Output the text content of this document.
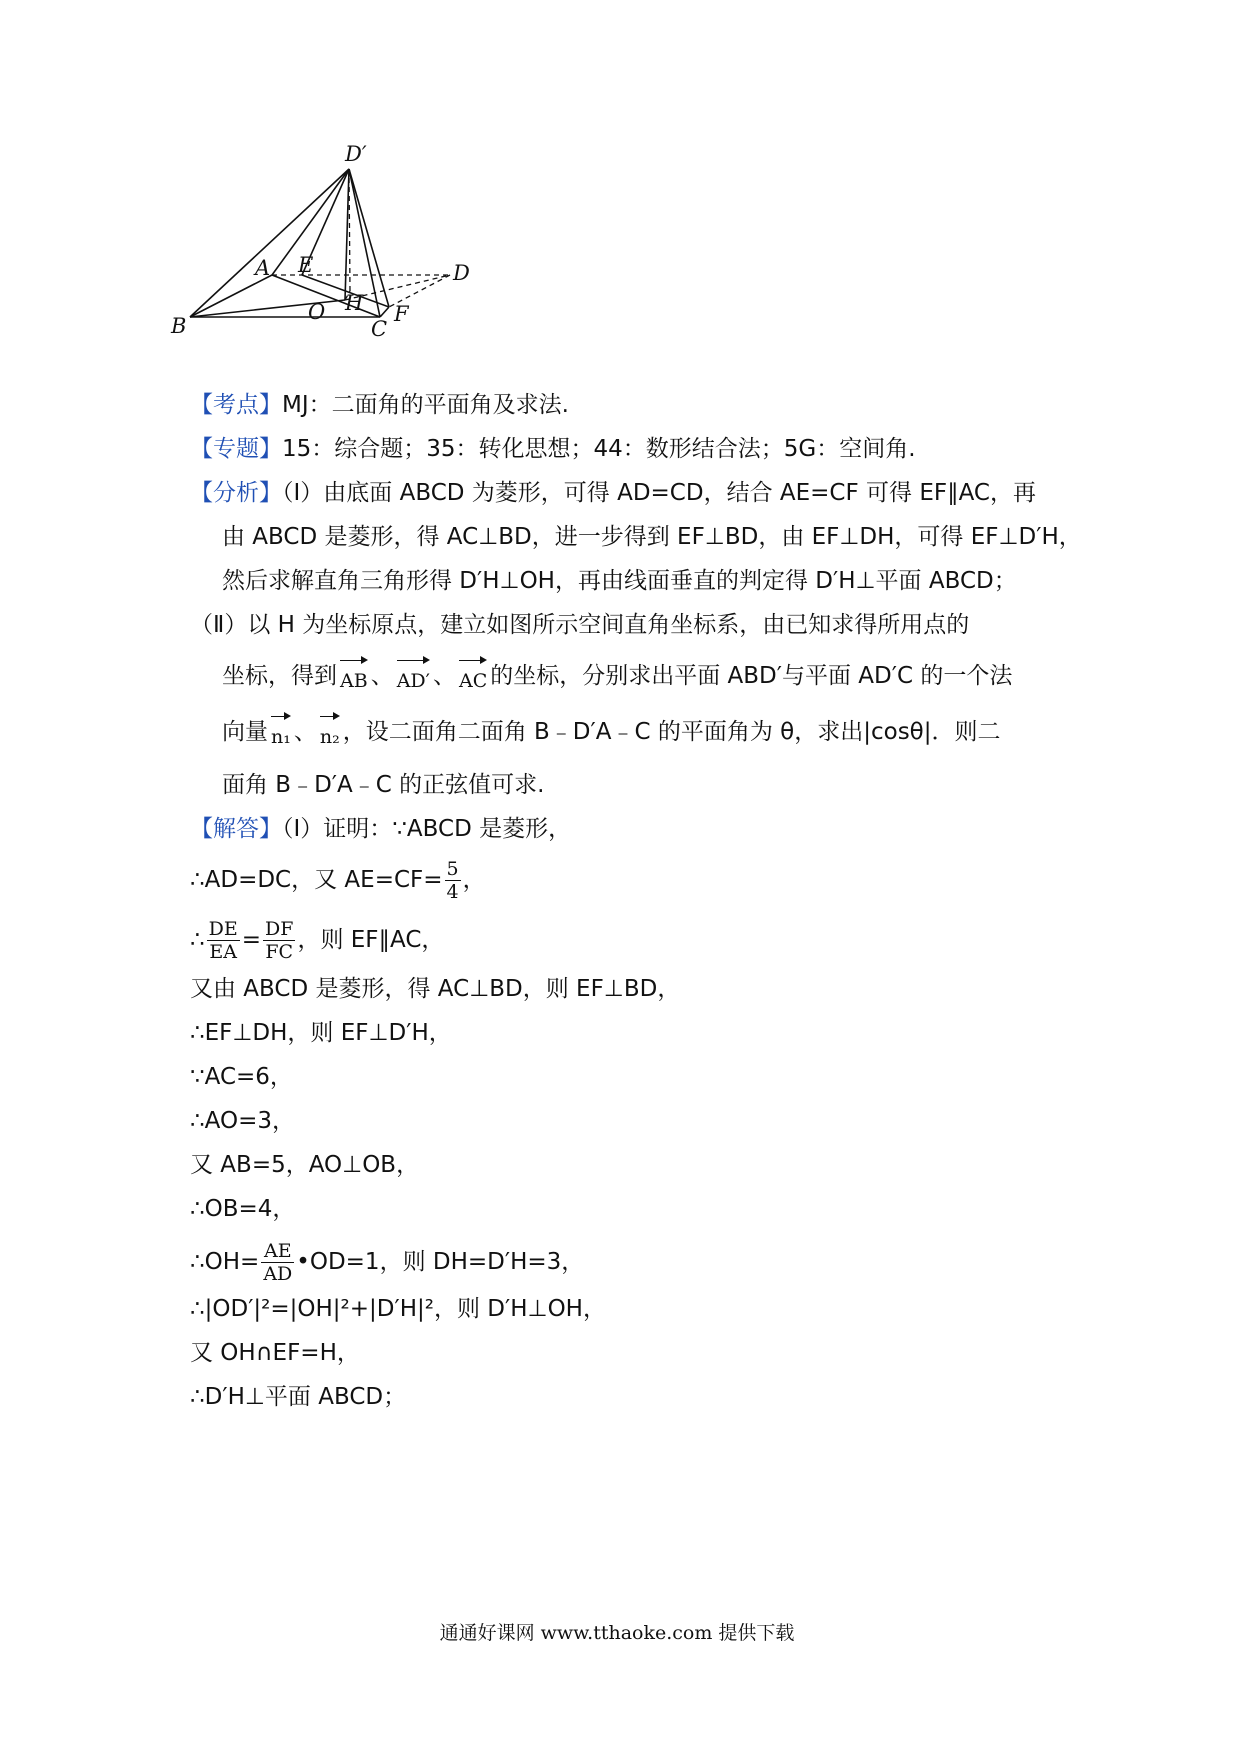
D′
A E	D
H
O
B	C
F
【考点】MJ：二面角的平面角及求法.
【专题】15：综合题；35：转化思想；44：数形结合法；5G：空间角.
【分析】（Ⅰ）由底面 ABCD 为菱形，可得 AD=CD，结合 AE=CF 可得 EF∥AC，再
由 ABCD 是菱形，得 AC⊥BD，进一步得到 EF⊥BD，由 EF⊥DH，可得 EF⊥D′H，
然后求解直角三角形得 D′H⊥OH，再由线面垂直的判定得 D′H⊥平面 ABCD；
（Ⅱ）以 H 为坐标原点，建立如图所示空间直角坐标系，由已知求得所用点的
坐标，得到 AB 、 AD′ 、 AC 的坐标，分别求出平面 ABD′与平面 AD′C 的一个法
向量 n₁ 、 n₂ ，设二面角二面角 B﹣D′A﹣C 的平面角为 θ，求出|cosθ|．则二
面角 B﹣D′A﹣C 的正弦值可求.
【解答】（Ⅰ）证明：∵ABCD 是菱形，
∴AD=DC，又 $AE=CF= \frac{5}{4}$ ，
∴ $\frac{DE}{EA} = \frac{DF}{FC}$ ，则 EF∥AC，
又由 ABCD 是菱形，得 AC⊥BD，则 EF⊥BD，
∴EF⊥DH，则 EF⊥D′H，
∵AC=6，
∴AO=3，
又 AB=5，AO⊥OB，
∴OB=4，
∴OH= $\frac{AE}{AD}$ •OD=1，则 DH=D′H=3，
∴|OD′|²=|OH|²+|D′H|²，则 D′H⊥OH，
又 OH∩EF=H，
∴D′H⊥平面 ABCD；
通通好课网 www.tthaoke.com 提供下载
